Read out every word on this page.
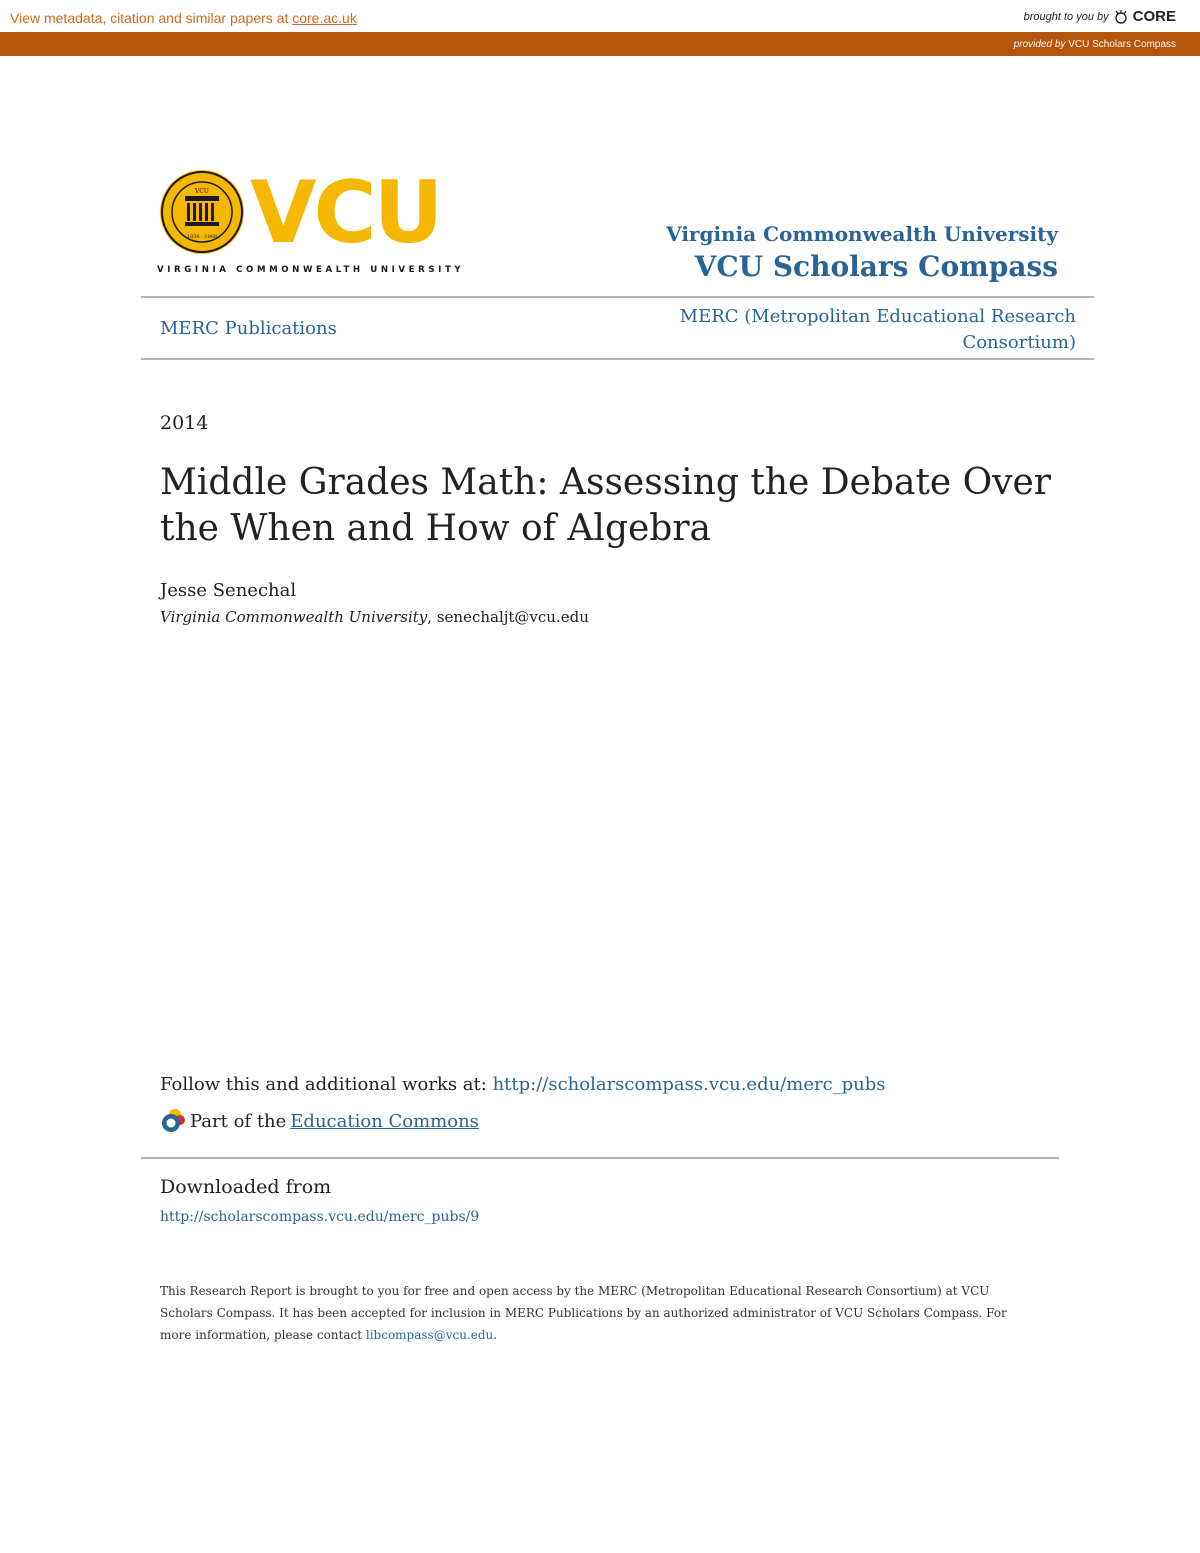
View metadata, citation and similar papers at core.ac.uk	brought to you by CORE
provided by VCU Scholars Compass
VCU
1838 · 1968 VCU
VIRGINIA COMMONWEALTH UNIVERSITY
Virginia Commonwealth University
VCU Scholars Compass
MERC Publications
MERC (Metropolitan Educational Research
Consortium)
2014
Middle Grades Math: Assessing the Debate Over the When and How of Algebra
Jesse Senechal
Virginia Commonwealth University, senechaljt@vcu.edu
Follow this and additional works at: http://scholarscompass.vcu.edu/merc_pubs
Part of the Education Commons
Downloaded from
http://scholarscompass.vcu.edu/merc_pubs/9
This Research Report is brought to you for free and open access by the MERC (Metropolitan Educational Research Consortium) at VCU Scholars Compass. It has been accepted for inclusion in MERC Publications by an authorized administrator of VCU Scholars Compass. For more information, please contact libcompass@vcu.edu.
